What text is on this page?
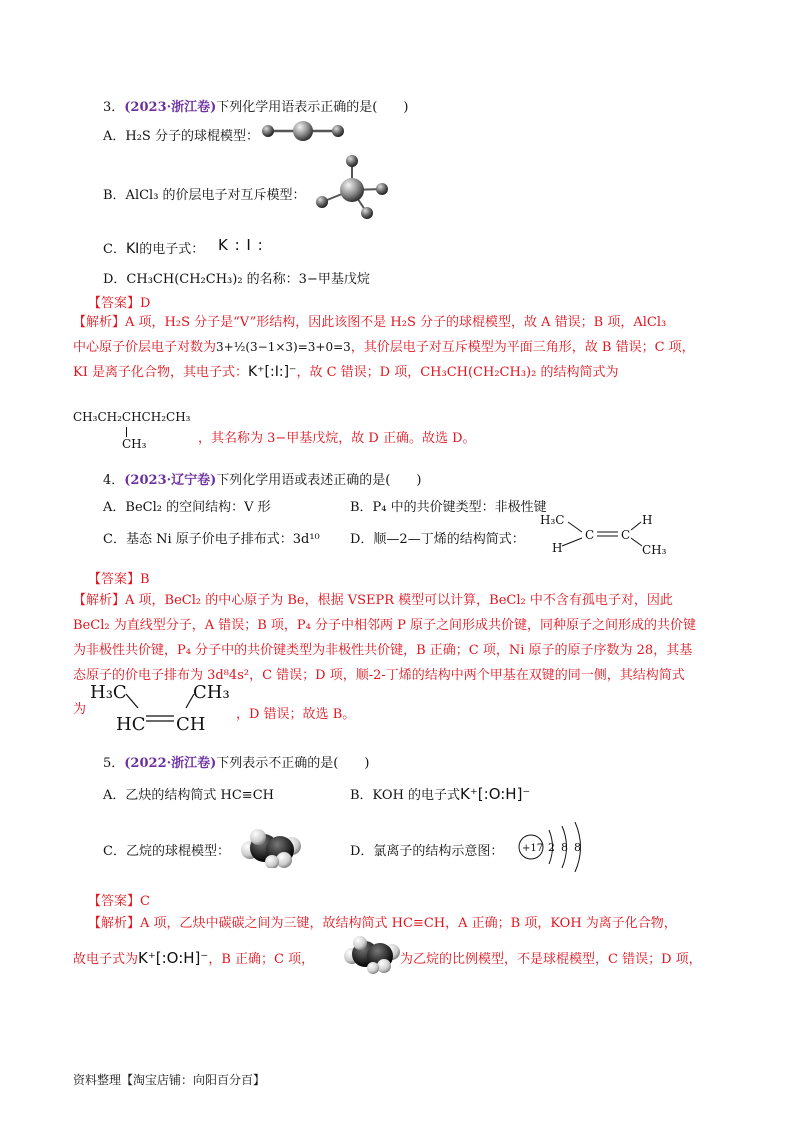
3．(2023·浙江卷)下列化学用语表示正确的是(　　)
A．H₂S 分子的球棍模型：
B．AlCl₃ 的价层电子对互斥模型：
C．KI的电子式： K : I :
D．CH₃CH(CH₂CH₃)₂ 的名称：3−甲基戊烷
【答案】D
【解析】A 项，H₂S 分子是“V”形结构，因此该图不是 H₂S 分子的球棍模型，故 A 错误；B 项，AlCl₃
中心原子价层电子对数为3+½(3−1×3)=3+0=3，其价层电子对互斥模型为平面三角形，故 B 错误；C 项，
KI 是离子化合物，其电子式：K⁺[:I:]⁻，故 C 错误；D 项，CH₃CH(CH₂CH₃)₂ 的结构简式为
CH₃CH₂CHCH₂CH₃
CH₃	，其名称为 3−甲基戊烷，故 D 正确。故选 D。
4．(2023·辽宁卷)下列化学用语或表述正确的是(　　)
A．BeCl₂ 的空间结构：V 形	B．P₄ 中的共价键类型：非极性键
C．基态 Ni 原子价电子排布式：3d¹⁰ D．顺—2—丁烯的结构简式：
H₃C
C C
H
H	CH₃
【答案】B
【解析】A 项，BeCl₂ 的中心原子为 Be，根据 VSEPR 模型可以计算，BeCl₂ 中不含有孤电子对，因此
BeCl₂ 为直线型分子，A 错误；B 项，P₄ 分子中相邻两 P 原子之间形成共价键，同种原子之间形成的共价键
为非极性共价键，P₄ 分子中的共价键类型为非极性共价键，B 正确；C 项，Ni 原子的原子序数为 28，其基
态原子的价电子排布为 3d⁸4s²，C 错误；D 项，顺-2-丁烯的结构中两个甲基在双键的同一侧，其结构简式
为
H₃C
HC
CH₃
CH ，D 错误；故选 B。
5．(2022·浙江卷)下列表示不正确的是(　　)
A．乙炔的结构简式 HC≡CH	B．KOH 的电子式K⁺[:O:H]⁻
C．乙烷的球棍模型：	D．氯离子的结构示意图： +17 2 8 8
【答案】C
【解析】A 项，乙炔中碳碳之间为三键，故结构简式 HC≡CH，A 正确；B 项，KOH 为离子化合物，
故电子式为K⁺[:O:H]⁻，B 正确；C 项，	为乙烷的比例模型，不是球棍模型，C 错误；D 项，
资料整理【淘宝店铺：向阳百分百】
